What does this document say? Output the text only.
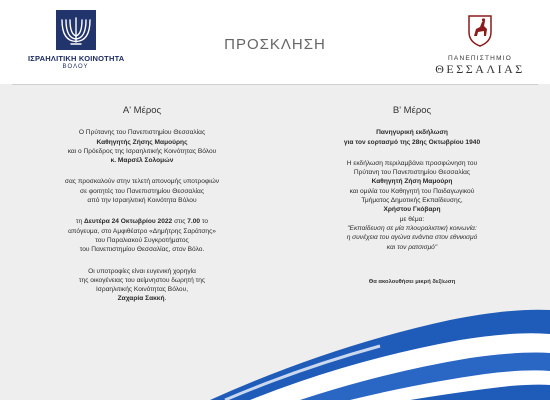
ΙΣΡΑΗΛΙΤΙΚΗ ΚΟΙΝΟΤΗΤΑ
ΒΟΛΟΥ
ΠΡΟΣΚΛΗΣΗ
ΠΑΝΕΠΙΣΤΗΜΙΟ
ΘΕΣΣΑΛΙΑΣ
Α' Μέρος

Ο Πρύτανης του Πανεπιστημίου Θεσσαλίας
Καθηγητής Ζήσης Μαμούρης
και ο Πρόεδρος της Ισραηλιτικής Κοινότητας Βόλου
κ. Μαρσέλ Σολομών

σας προσκαλούν στην τελετή απονομής υποτροφιών
σε φοιτητές του Πανεπιστημίου Θεσσαλίας
από την Ισραηλιτική Κοινότητα Βόλου

τη Δευτέρα 24 Οκτωβρίου 2022 στις 7.00 το
απόγευμα, στο Αμφιθέατρο «Δημήτρης Σαράτσης»
του Παραλιακού Συγκροτήματος
του Πανεπιστημίου Θεσσαλίας, στον Βόλο.

Οι υποτροφίες είναι ευγενική χορηγία
της οικογένειας του αείμνηστου δωρητή της
Ισραηλιτικής Κοινότητας Βόλου,
Ζαχαρία Σακκή.

Β' Μέρος

Πανηγυρική εκδήλωση
για τον εορτασμό της 28ης Οκτωβρίου 1940

Η εκδήλωση περιλαμβάνει προσφώνηση του
Πρύτανη του Πανεπιστημίου Θεσσαλίας
Καθηγητή Ζήση Μαμούρη
και ομιλία του Καθηγητή του Παιδαγωγικού
Τμήματος Δημοτικής Εκπαίδευσης,
Χρήστου Γκόβαρη
με θέμα:
"Εκπαίδευση σε μία πλουραλιστική κοινωνία:
η συνέχεια του αγώνα ενάντια στον εθνικισμό
και τον ρατσισμό"

Θα ακολουθήσει μικρή δεξίωση
